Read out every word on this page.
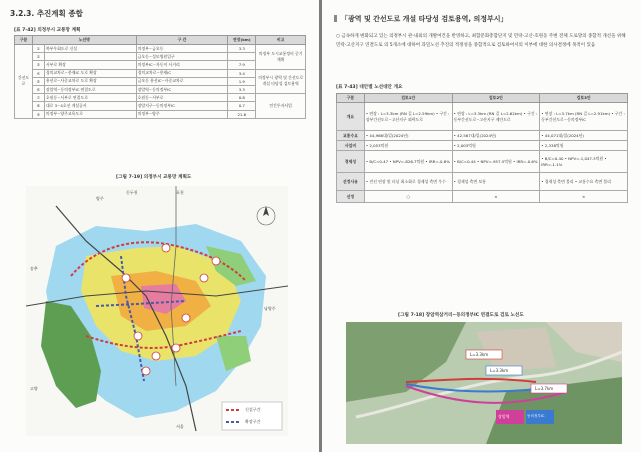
3.2.3. 추진계획 종합
[표 7-42] 의정부시 교통망 계획
구분	노선명		구 간	연장(km)	비고
간선도로	①	북부우회도로 신설	의정부~금오동	3.3	의정부 도시교통정비 중기계획
	②		금오동~성모병원입구		
	③	서부로 확장	의정부IC~자동이 사거리	7.9	
	④	경의교차로~풍재IC 도로 확장	경의교차로~풍재IC	3.4	의정부시 광역 및 간선도로 개설 타당성 검토용역
	⑤	흥선로~사중교차로 도로 확장	금오동 흥선IC~사중교차로	1.9	
	⑥	장암역~동의정부IC 연결도로	장암역~동의정부IC	3.3	
	⑦	호원동~서부로 연결도로	호원동~서부로	0.8	민간투자사업
	⑧	대로 3~4호선 개설공사	장암지구~동의정부IC	0.7	
	⑨	의정부~양주교육도로	의정부~양주	21.6	
[그림 7-19] 의정부시 교통망 계획도
신설구간
확장구간
양주
포천
동두천
송추
서울
남양주
고양
「광역 및 간선도로 개설 타당성 검토용역, 의정부시」
○ 금속하게 변화되고 있는 의정부시 관-내외의 개발여건을 반영하고, 최합문화총합단지 및 민락-고산-호원동 주변 전체 도로망의 종합적 개선을 위해 민락-고산지구 연결도로 의 5개소에 대하여 과밀노선 추진의 적정성을 종합적으로 검토하여서의 이부에 대한 의사결정에 목적이 있음
[표 7-43] 대안별 노선대안 개요
구분	검토1안	검토2안	검토3안
개요	• 연장 : L=3.3km (RN 길 L=2.59km) • 구간 : 장부간선도로~고산지구 외곽도로	• 연장 : L=3.3km (RN 길 L=2.62km) • 구간 : 동부간선도로~고산지구 제안도로	• 연장 : L=3.7km (RN 길 L=2.91km) • 구간 : 동부간선도로~동의정부IC
교통수요	• 44,966대/일(2024년)	• 42,567대/일(2024년)	• 44,071대/일(2024년)
사업비	• 2,053억원	• 2,003억원	• 2,338억원
경제성	• B/C=0.47 • NPV=-826.7억원 • IRR=-0.8%	• B/C=0.44 • NPV=-957.5억원 • IRR=-0.6%	• B/C=0.40 • NPV=-1,047.3억원 • IRR=-1.1%
선정사유	• 전선 연장 및 터널 최소화로 경제성 측면 우수	• 경제성 측면 보통	• 경제성 측면 불리 • 교통수요 측면 불리
선정	○	×	×
[그림 7-18] 장암역삼거리~동의정부IC 연결도로 검토 노선도
L=3.3km
L=3.3km
L=3.7km
장암역	동의정부IC
